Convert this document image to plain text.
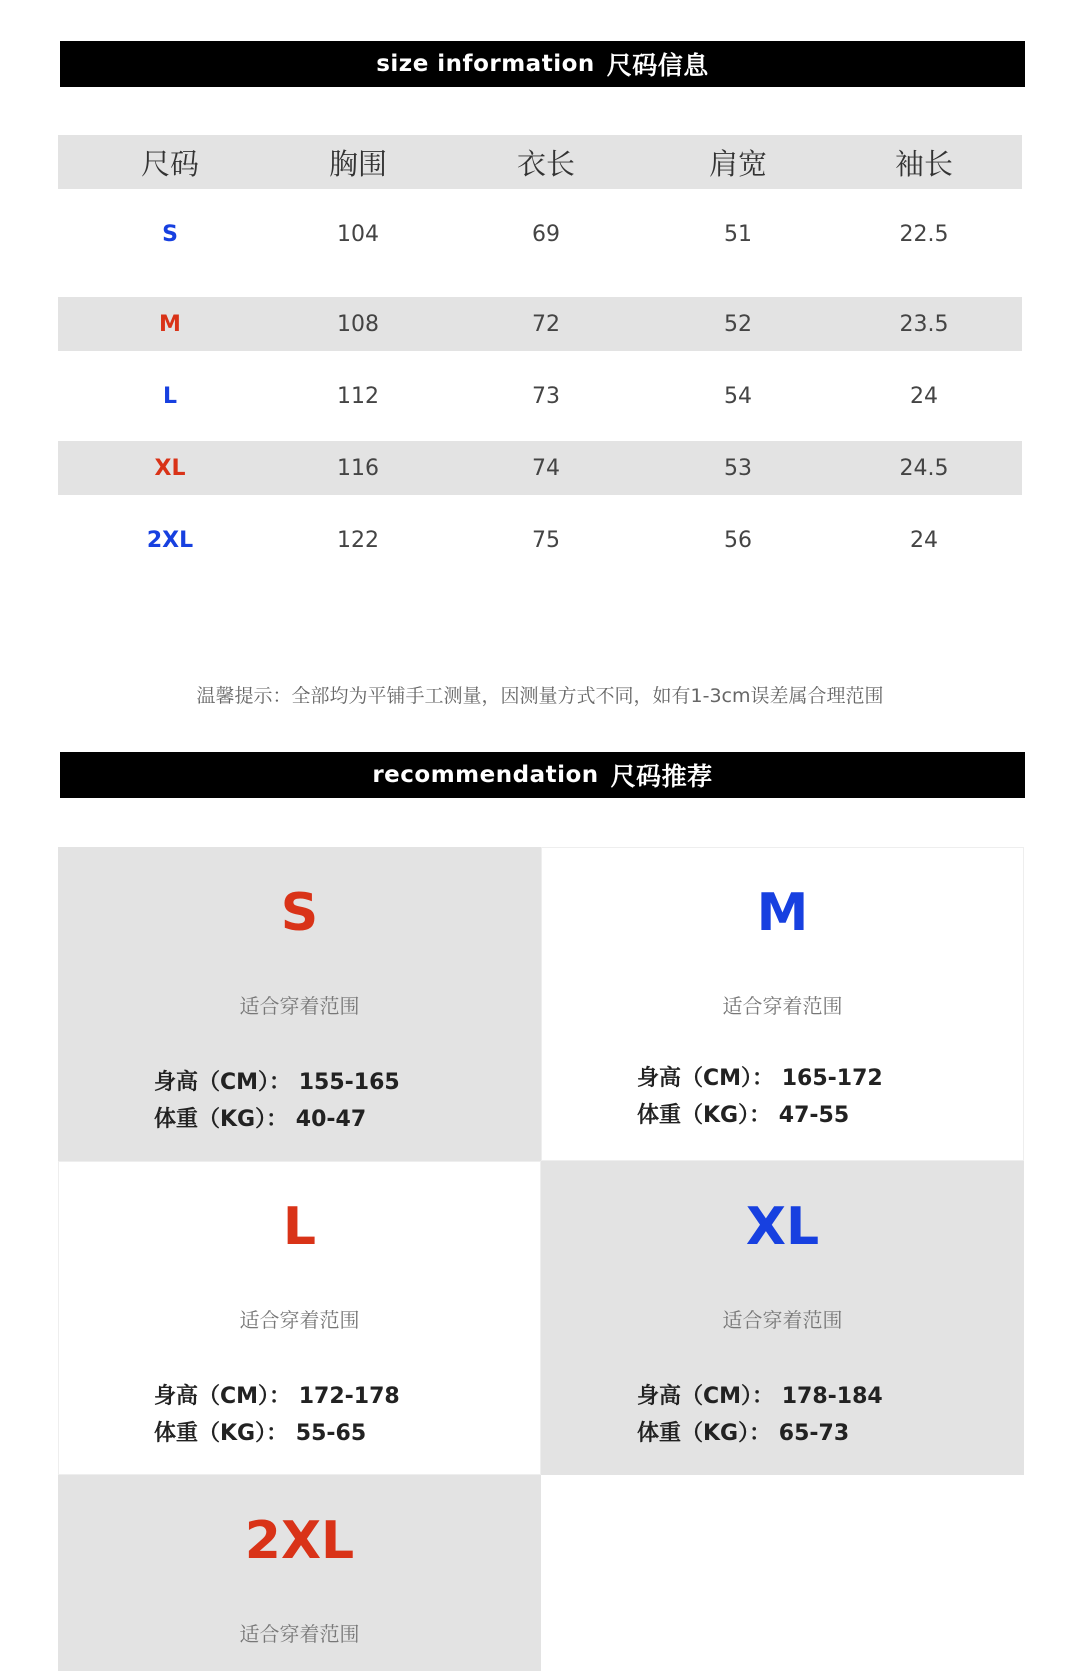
size information 尺码信息
尺码	胸围	衣长	肩宽	袖长
S	104	69	51	22.5
M	108	72	52	23.5
L	112	73	54	24
XL	116	74	53	24.5
2XL	122	75	56	24
温馨提示：全部均为平铺手工测量，因测量方式不同，如有1-3cm误差属合理范围
recommendation 尺码推荐
S
适合穿着范围
身高（CM）： 155-165
体重（KG）： 40-47
M
适合穿着范围
身高（CM）： 165-172
体重（KG）： 47-55
L
适合穿着范围
身高（CM）： 172-178
体重（KG）： 55-65
XL
适合穿着范围
身高（CM）： 178-184
体重（KG）： 65-73
2XL
适合穿着范围
